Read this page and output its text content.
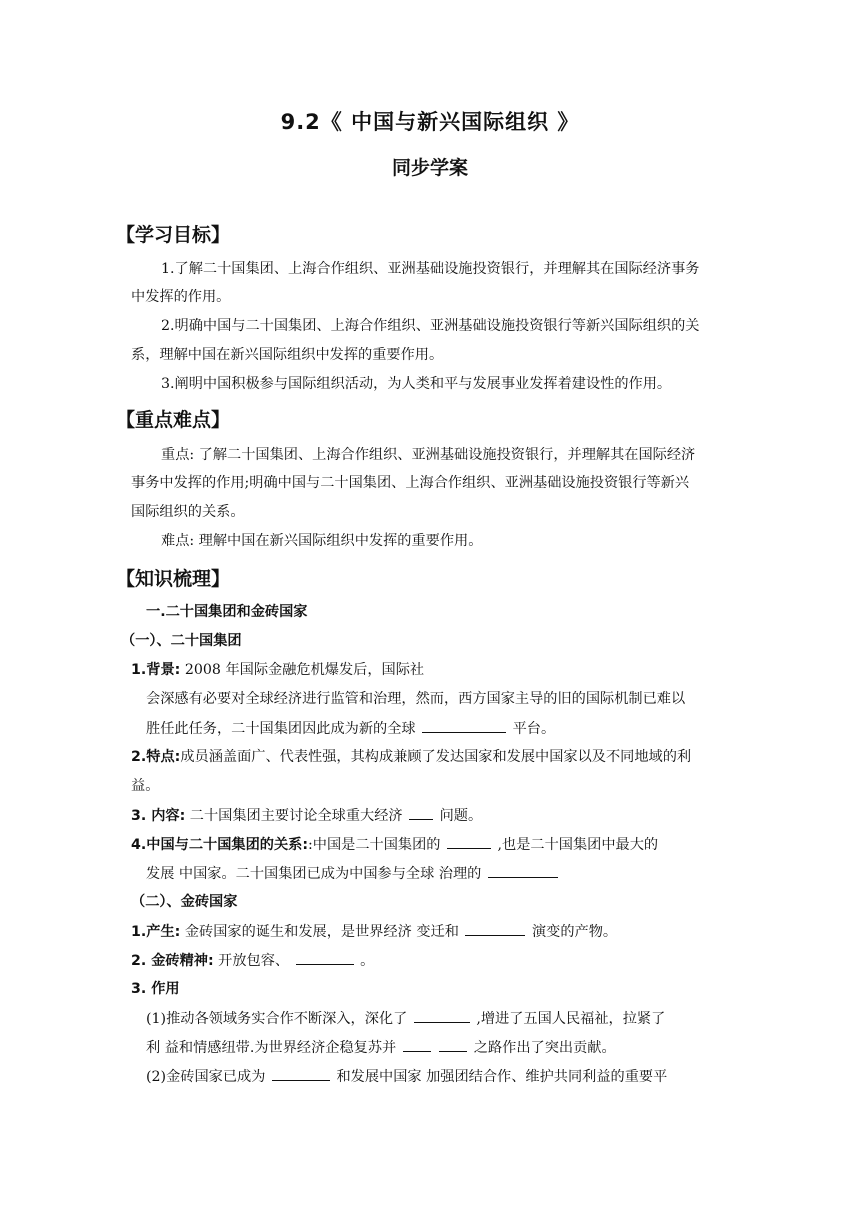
9.2《 中国与新兴国际组织 》
同步学案
【学习目标】
1.了解二十国集团、上海合作组织、亚洲基础设施投资银行，并理解其在国际经济事务
中发挥的作用。
2.明确中国与二十国集团、上海合作组织、亚洲基础设施投资银行等新兴国际组织的关
系，理解中国在新兴国际组织中发挥的重要作用。
3.阐明中国积极参与国际组织活动，为人类和平与发展事业发挥着建设性的作用。
【重点难点】
重点: 了解二十国集团、上海合作组织、亚洲基础设施投资银行，并理解其在国际经济
事务中发挥的作用;明确中国与二十国集团、上海合作组织、亚洲基础设施投资银行等新兴
国际组织的关系。
难点: 理解中国在新兴国际组织中发挥的重要作用。
【知识梳理】
一.二十国集团和金砖国家
（一）、二十国集团
1.背景: 2008 年国际金融危机爆发后，国际社
会深感有必要对全球经济进行监管和治理，然而，西方国家主导的旧的国际机制已难以
胜任此任务，二十国集团因此成为新的全球	平台。
2.特点:成员涵盖面广、代表性强，其构成兼顾了发达国家和发展中国家以及不同地域的利
益。
3. 内容: 二十国集团主要讨论全球重大经济	问题。
4.中国与二十国集团的关系::中国是二十国集团的	,也是二十国集团中最大的
发展 中国家。二十国集团已成为中国参与全球 治理的
（二）、金砖国家
1.产生: 金砖国家的诞生和发展，是世界经济 变迁和	演变的产物。
2. 金砖精神: 开放包容、	。
3. 作用
(1)推动各领域务实合作不断深入，深化了	,增进了五国人民福祉，拉紧了
利 益和情感纽带.为世界经济企稳复苏并	之路作出了突出贡献。
(2)金砖国家已成为	和发展中国家 加强团结合作、维护共同利益的重要平
